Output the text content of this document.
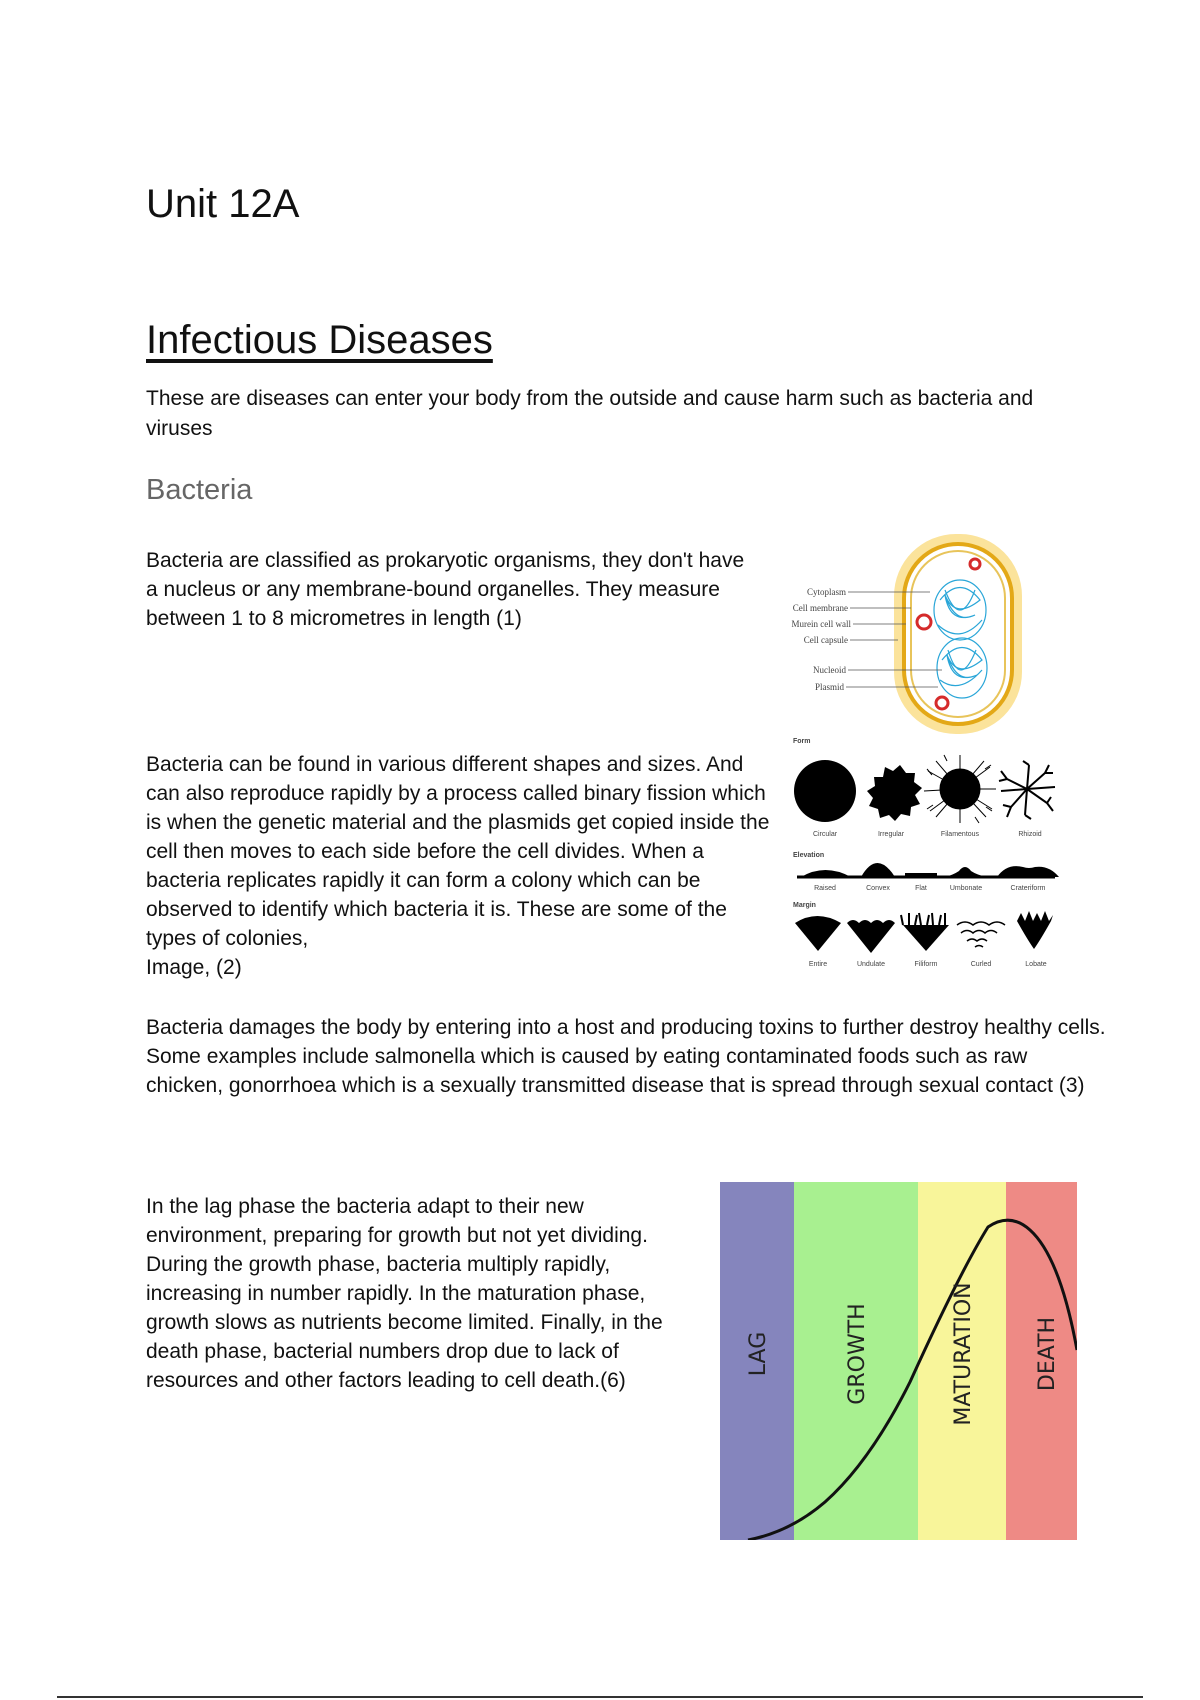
Unit 12A
Infectious Diseases

These are diseases can enter your body from the outside and cause harm such as bacteria and viruses

Bacteria

Bacteria are classified as prokaryotic organisms, they don't have a nucleus or any membrane-bound organelles. They measure between 1 to 8 micrometres in length (1)

Cytoplasm
Cell membrane
Murein cell wall
Cell capsule
Nucleoid
Plasmid

Bacteria can be found in various different shapes and sizes. And can also reproduce rapidly by a process called binary fission which is when the genetic material and the plasmids get copied inside the cell then moves to each side before the cell divides. When a bacteria replicates rapidly it can form a colony which can be observed to identify which bacteria it is. These are some of the types of colonies,
Image, (2)

Form
Circular	Irregular	Filamentous	Rhizoid
Elevation
Raised	Convex	Flat	Umbonate	Crateriform
Margin
Entire	Undulate	Filiform	Curled	Lobate

Bacteria damages the body by entering into a host and producing toxins to further destroy healthy cells. Some examples include salmonella which is caused by eating contaminated foods such as raw chicken, gonorrhoea which is a sexually transmitted disease that is spread through sexual contact (3)

In the lag phase the bacteria adapt to their new environment, preparing for growth but not yet dividing. During the growth phase, bacteria multiply rapidly, increasing in number rapidly. In the maturation phase, growth slows as nutrients become limited. Finally, in the death phase, bacterial numbers drop due to lack of resources and other factors leading to cell death.(6)

LAG	GROWTH	MATURATION	DEATH
